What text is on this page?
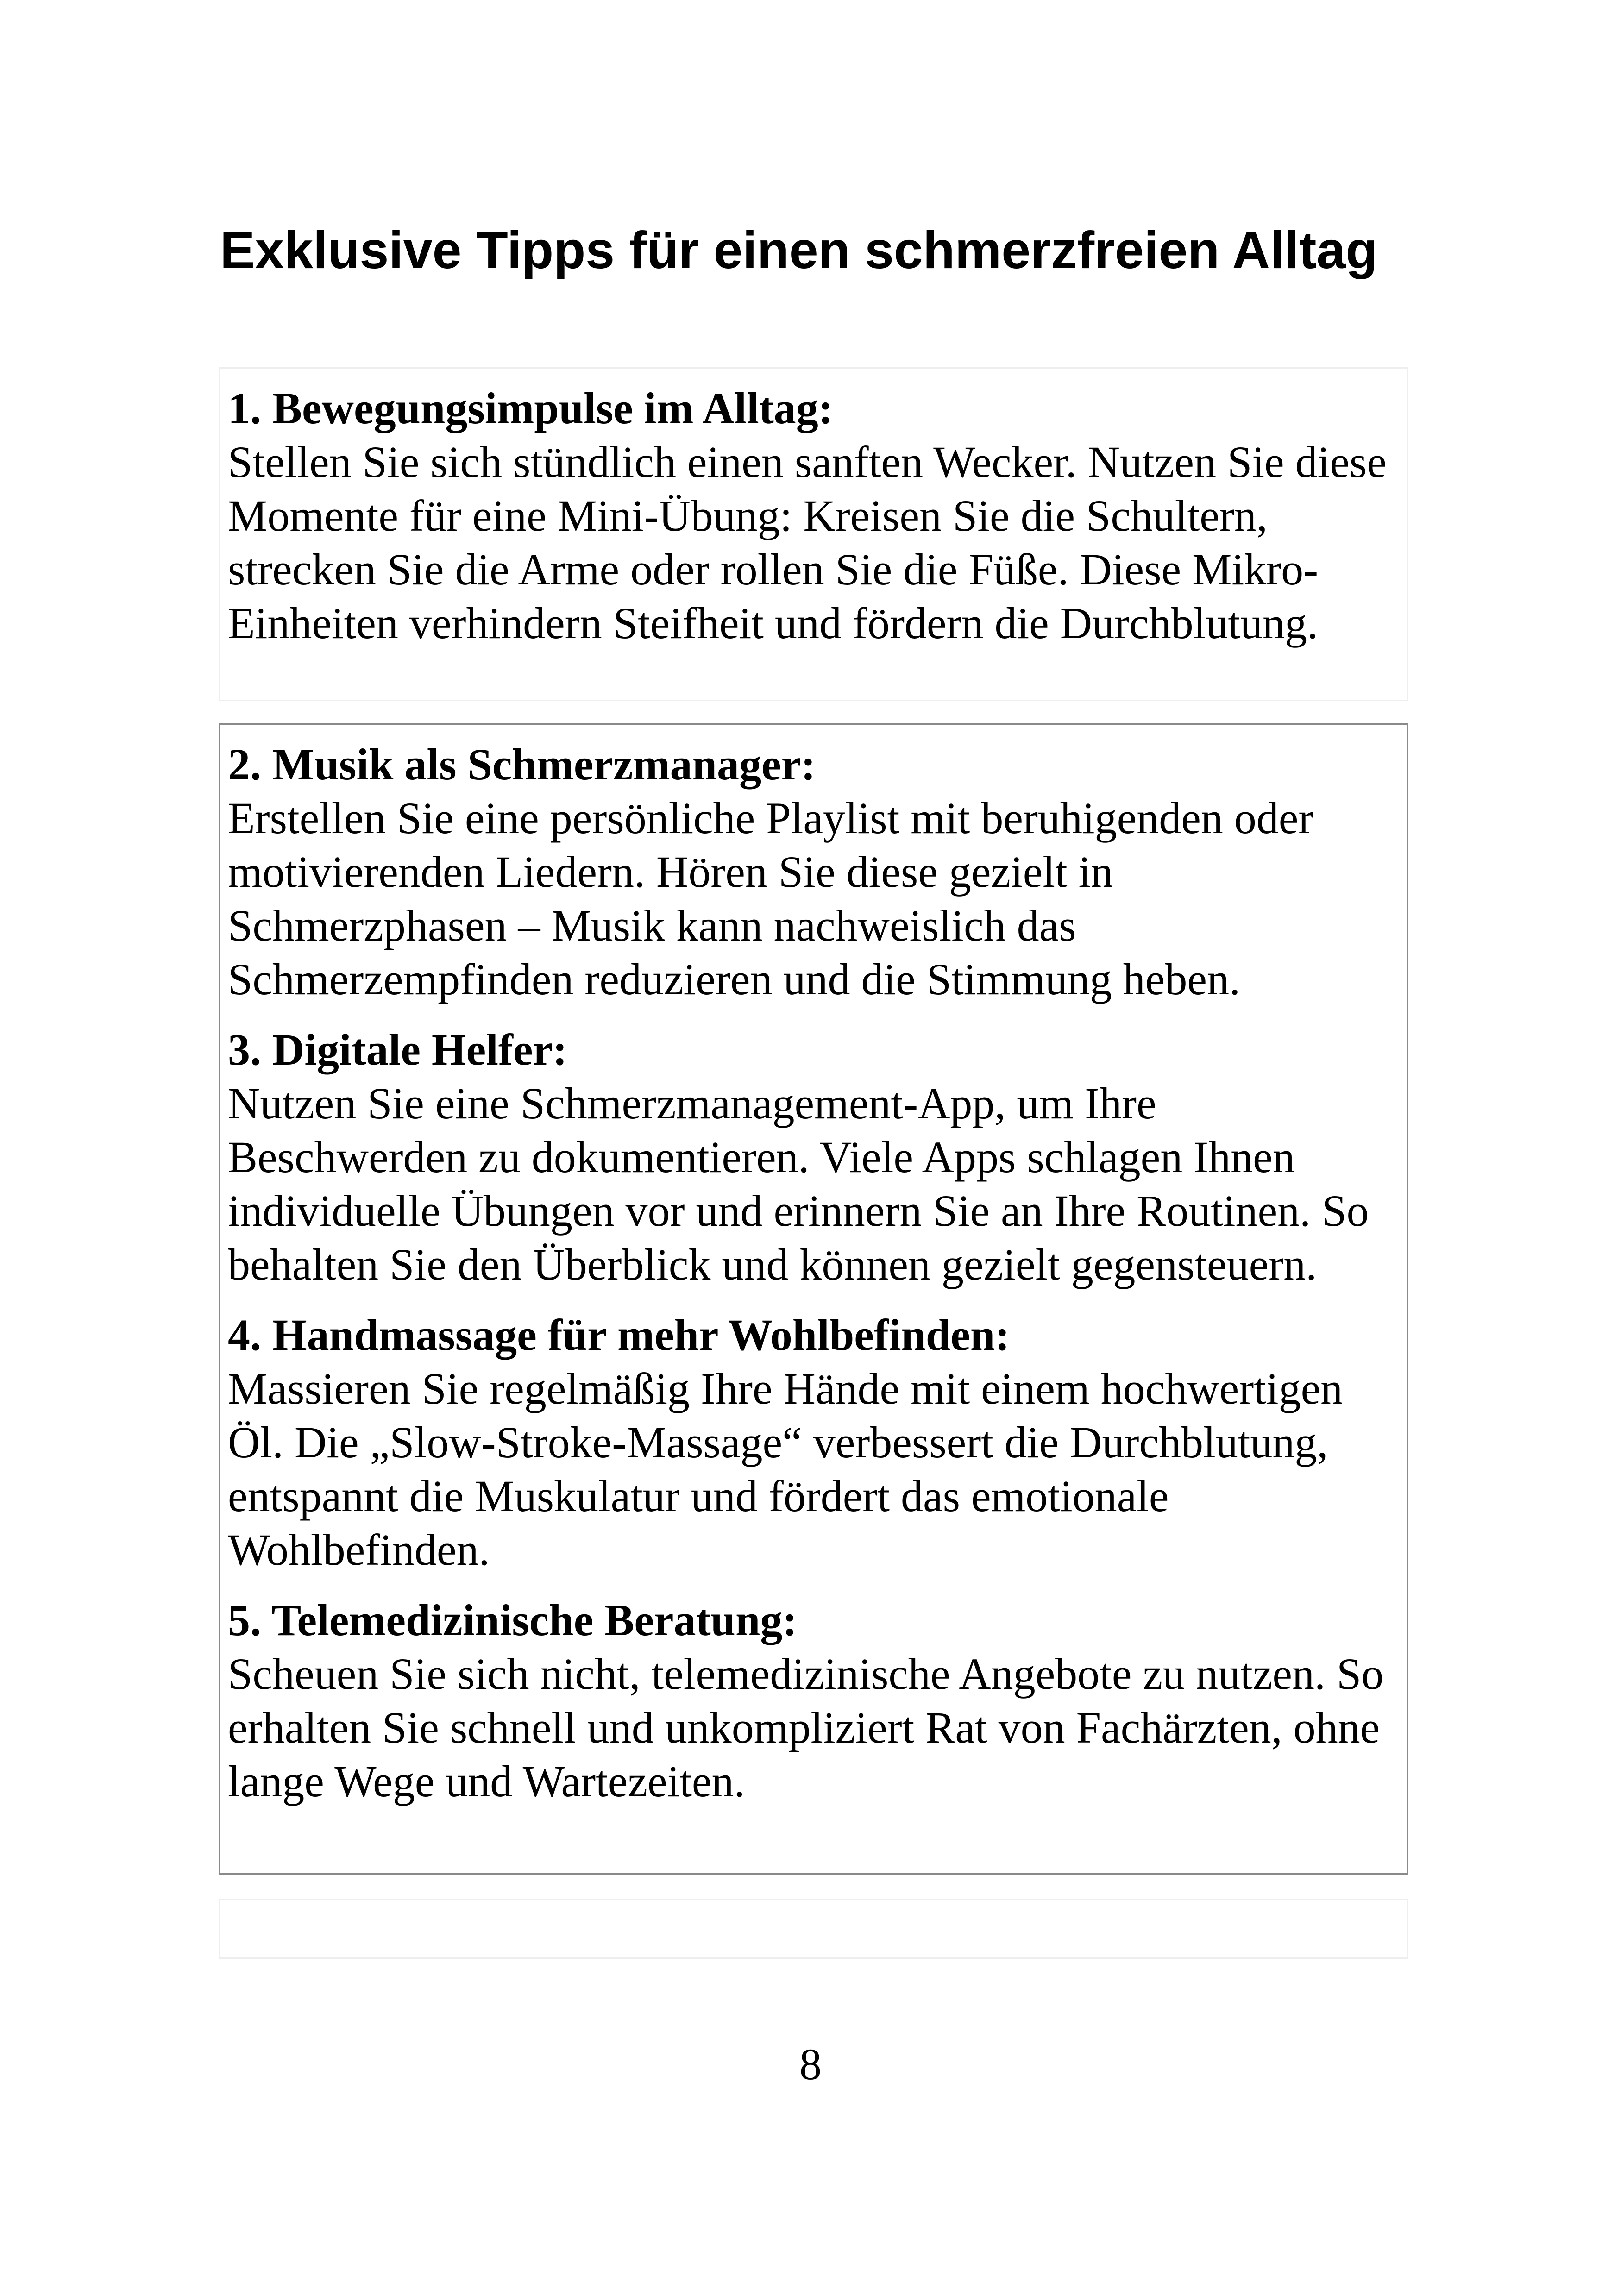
Exklusive Tipps für einen schmerzfreien Alltag
1. Bewegungsimpulse im Alltag:
Stellen Sie sich stündlich einen sanften Wecker. Nutzen Sie diese Momente für eine Mini-Übung: Kreisen Sie die Schultern, strecken Sie die Arme oder rollen Sie die Füße. Diese Mikro-Einheiten verhindern Steifheit und fördern die Durchblutung.
2. Musik als Schmerzmanager:
Erstellen Sie eine persönliche Playlist mit beruhigenden oder motivierenden Liedern. Hören Sie diese gezielt in Schmerzphasen – Musik kann nachweislich das Schmerzempfinden reduzieren und die Stimmung heben.
3. Digitale Helfer:
Nutzen Sie eine Schmerzmanagement-App, um Ihre Beschwerden zu dokumentieren. Viele Apps schlagen Ihnen individuelle Übungen vor und erinnern Sie an Ihre Routinen. So behalten Sie den Überblick und können gezielt gegensteuern.
4. Handmassage für mehr Wohlbefinden:
Massieren Sie regelmäßig Ihre Hände mit einem hochwertigen Öl. Die „Slow-Stroke-Massage“ verbessert die Durchblutung, entspannt die Muskulatur und fördert das emotionale Wohlbefinden.
5. Telemedizinische Beratung:
Scheuen Sie sich nicht, telemedizinische Angebote zu nutzen. So erhalten Sie schnell und unkompliziert Rat von Fachärzten, ohne lange Wege und Wartezeiten.
8
